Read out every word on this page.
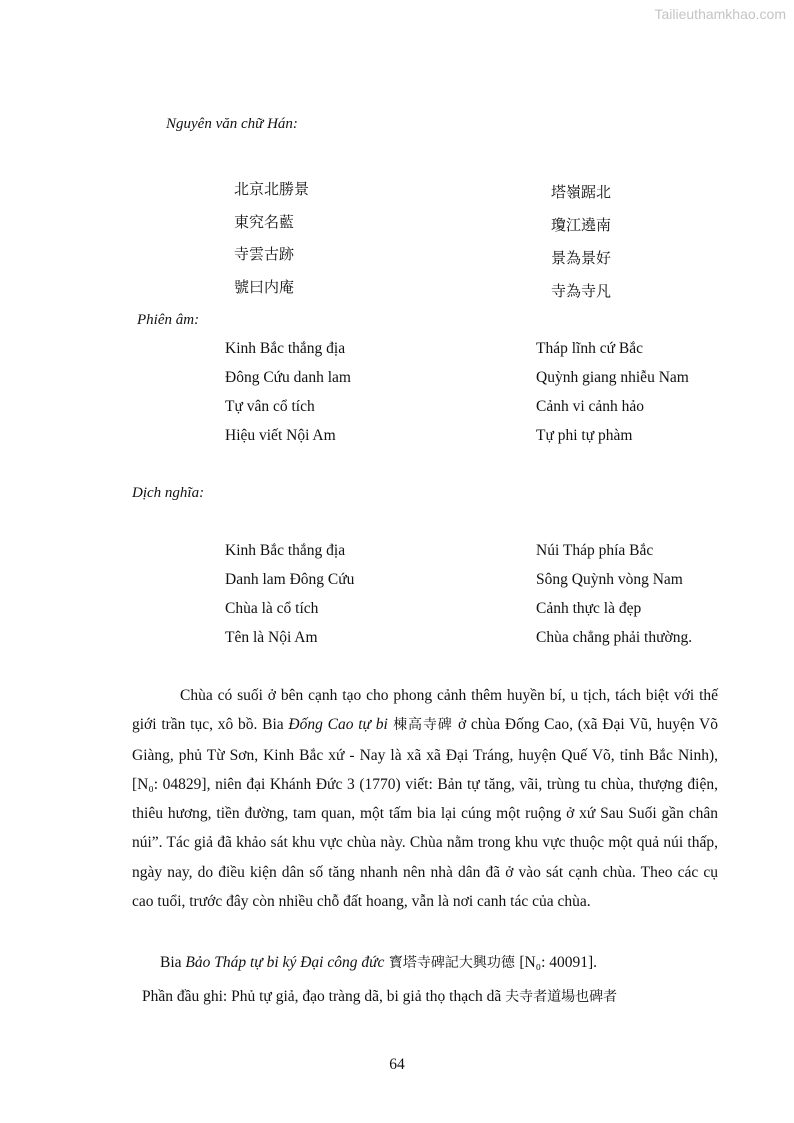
Tailieuthamkhao.com
Nguyên văn chữ Hán:
北京北勝景
東究名藍
寺雲古跡
號曰内庵
塔嶺踞北
瓊江遶南
景為景好
寺為寺凡
Phiên âm:
Kinh Bắc thắng địa
Đông Cứu danh lam
Tự vân cổ tích
Hiệu viết Nội Am
Tháp lĩnh cứ Bắc
Quỳnh giang nhiễu Nam
Cảnh vi cảnh hảo
Tự phi tự phàm
Dịch nghĩa:
Kinh Bắc thắng địa
Danh lam Đông Cứu
Chùa là cổ tích
Tên là Nội Am
Núi Tháp phía Bắc
Sông Quỳnh vòng Nam
Cảnh thực là đẹp
Chùa chẳng phải thường.

Chùa có suối ở bên cạnh tạo cho phong cảnh thêm huyền bí, u tịch, tách biệt với thế giới trần tục, xô bồ. Bia Đống Cao tự bi 棟高寺碑 ở chùa Đống Cao, (xã Đại Vũ, huyện Võ Giàng, phủ Từ Sơn, Kinh Bắc xứ - Nay là xã xã Đại Tráng, huyện Quế Võ, tỉnh Bắc Ninh), [N₀: 04829], niên đại Khánh Đức 3 (1770) viết: Bản tự tăng, vãi, trùng tu chùa, thượng điện, thiêu hương, tiền đường, tam quan, một tấm bia lại cúng một ruộng ở xứ Sau Suối gần chân núi”. Tác giả đã khảo sát khu vực chùa này. Chùa nằm trong khu vực thuộc một quả núi thấp, ngày nay, do điều kiện dân số tăng nhanh nên nhà dân đã ở vào sát cạnh chùa. Theo các cụ cao tuổi, trước đây còn nhiều chỗ đất hoang, vẫn là nơi canh tác của chùa.

Bia Bảo Tháp tự bi ký Đại công đức 寳塔寺碑記大興功德 [N₀: 40091].
Phần đầu ghi: Phủ tự giả, đạo tràng dã, bi giả thọ thạch dã 夫寺者道場也碑者
64
